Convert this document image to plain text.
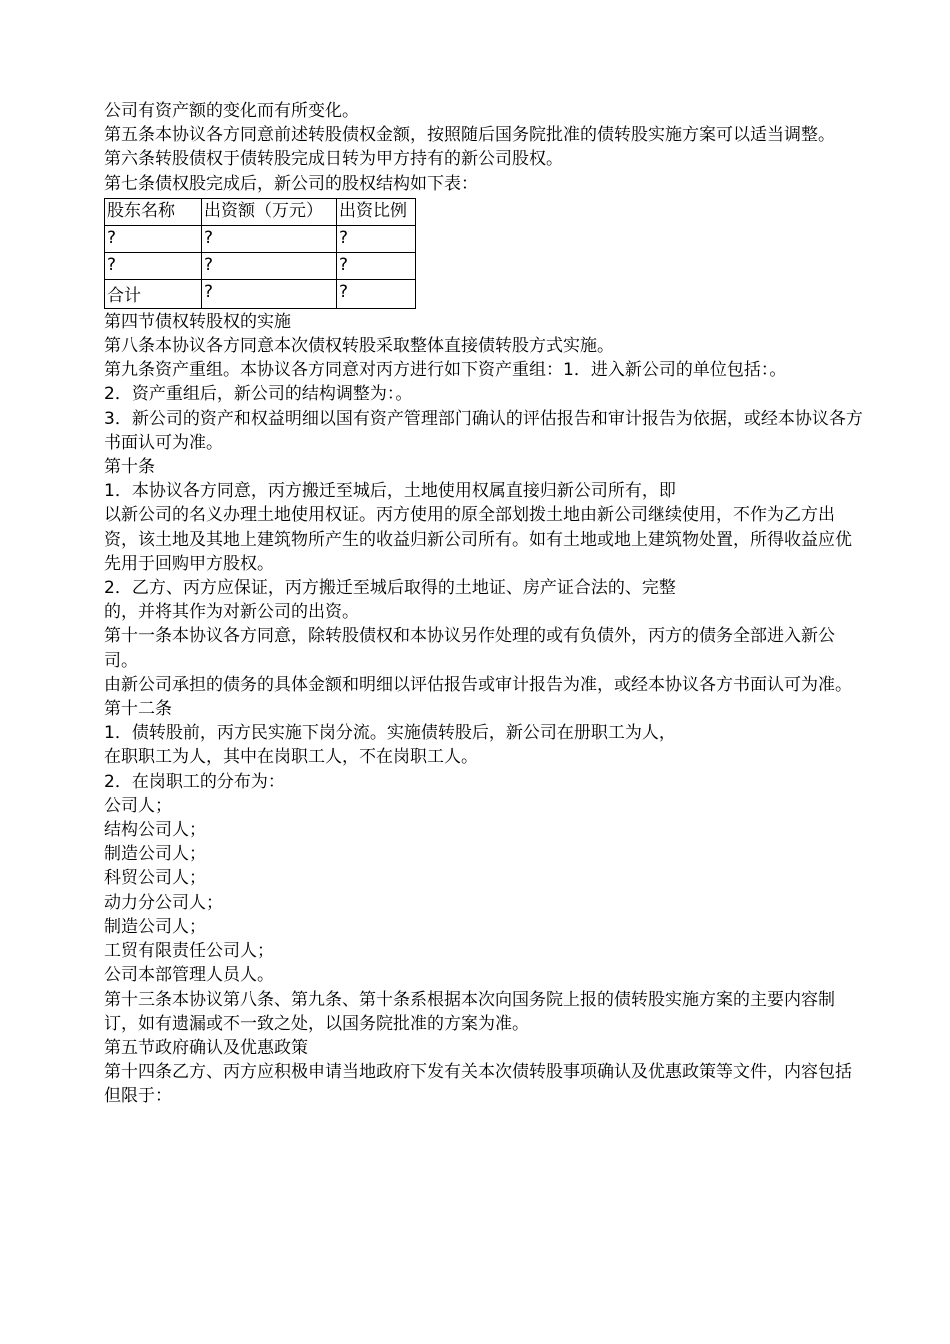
公司有资产额的变化而有所变化。

第五条本协议各方同意前述转股债权金额，按照随后国务院批准的债转股实施方案可以适当调整。

第六条转股债权于债转股完成日转为甲方持有的新公司股权。

第七条债权股完成后，新公司的股权结构如下表：

股东名称	出资额（万元）	出资比例

?	?	?
?	?	?
合计	?	?

第四节债权转股权的实施

第八条本协议各方同意本次债权转股采取整体直接债转股方式实施。

第九条资产重组。本协议各方同意对丙方进行如下资产重组：1．进入新公司的单位包括：。

2．资产重组后，新公司的结构调整为：。

3．新公司的资产和权益明细以国有资产管理部门确认的评估报告和审计报告为依据，或经本协议各方书面认可为准。

第十条

1．本协议各方同意，丙方搬迁至城后，土地使用权属直接归新公司所有，即

以新公司的名义办理土地使用权证。丙方使用的原全部划拨土地由新公司继续使用，不作为乙方出资，该土地及其地上建筑物所产生的收益归新公司所有。如有土地或地上建筑物处置，所得收益应优先用于回购甲方股权。

2．乙方、丙方应保证，丙方搬迁至城后取得的土地证、房产证合法的、完整

的，并将其作为对新公司的出资。

第十一条本协议各方同意，除转股债权和本协议另作处理的或有负债外，丙方的债务全部进入新公司。

由新公司承担的债务的具体金额和明细以评估报告或审计报告为准，或经本协议各方书面认可为准。

第十二条

1．债转股前，丙方民实施下岗分流。实施债转股后，新公司在册职工为人，

在职职工为人，其中在岗职工人，不在岗职工人。

2．在岗职工的分布为：

公司人；

结构公司人；

制造公司人；

科贸公司人；

动力分公司人；

制造公司人；

工贸有限责任公司人；

公司本部管理人员人。

第十三条本协议第八条、第九条、第十条系根据本次向国务院上报的债转股实施方案的主要内容制订，如有遗漏或不一致之处，以国务院批准的方案为准。

第五节政府确认及优惠政策

第十四条乙方、丙方应积极申请当地政府下发有关本次债转股事项确认及优惠政策等文件，内容包括但限于：
